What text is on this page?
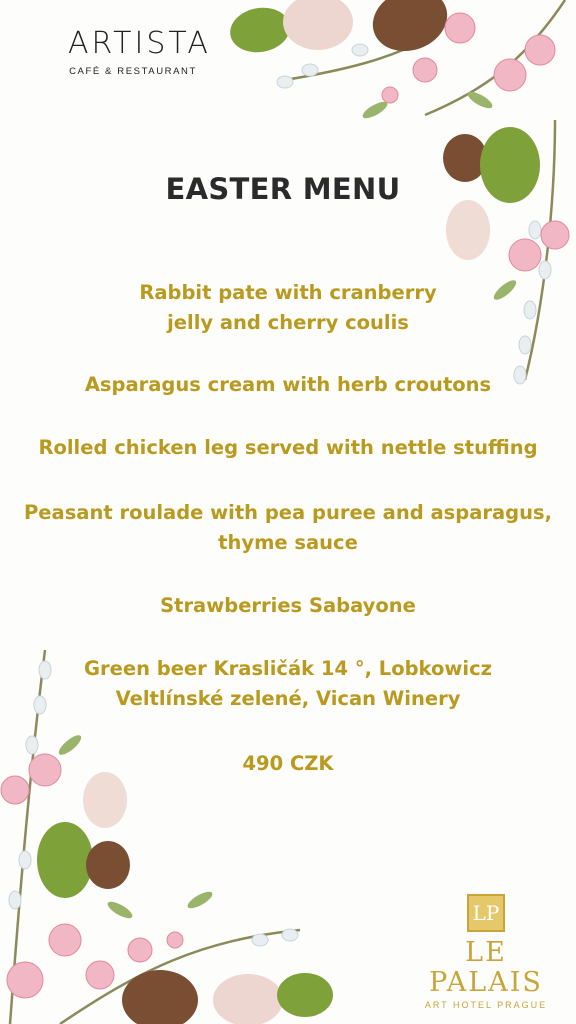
ARTISTA
CAFÉ & RESTAURANT
EASTER MENU
Rabbit pate with cranberry
jelly and cherry coulis
Asparagus cream with herb croutons
Rolled chicken leg served with nettle stuffing
Peasant roulade with pea puree and asparagus,
thyme sauce
Strawberries Sabayone
Green beer Krasličák 14 °, Lobkowicz
Veltlínské zelené, Vican Winery
490 CZK
LP
LE PALAIS
ART HOTEL PRAGUE
